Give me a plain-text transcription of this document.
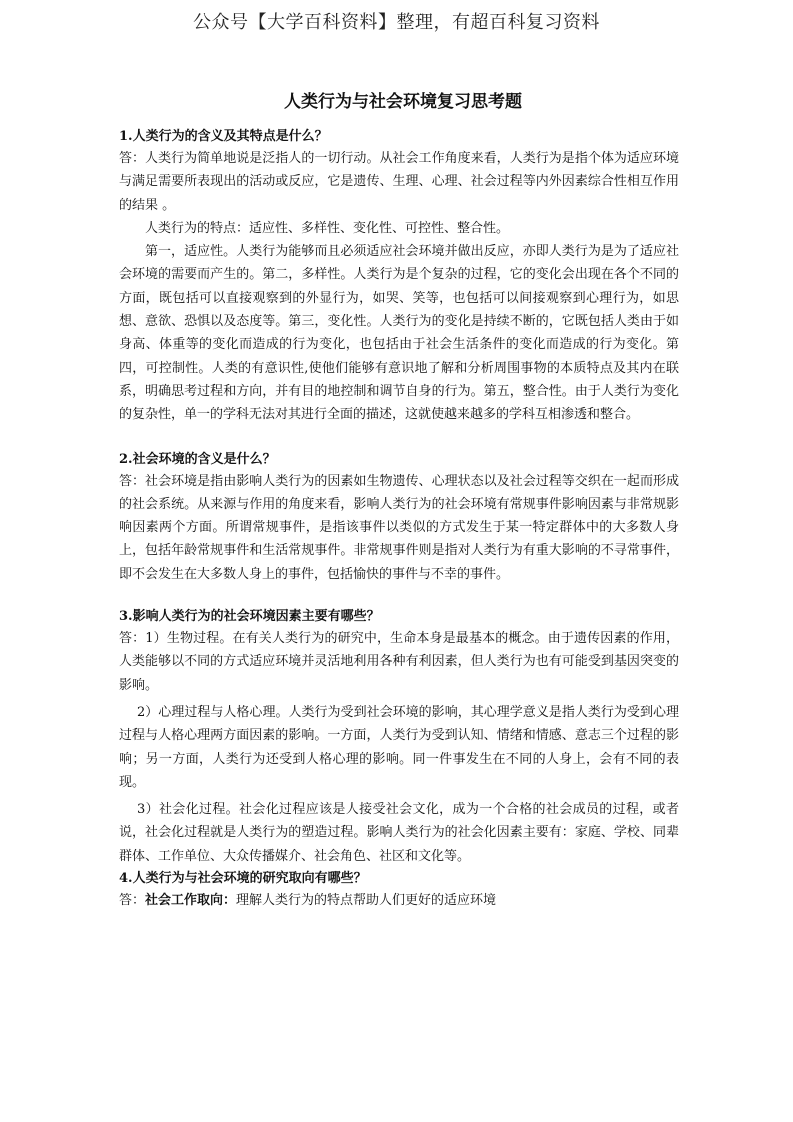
公众号【大学百科资料】整理，有超百科复习资料
人类行为与社会环境复习思考题

1.人类行为的含义及其特点是什么？

答：人类行为简单地说是泛指人的一切行动。从社会工作角度来看，人类行为是指个体为适应环境与满足需要所表现出的活动或反应，它是遗传、生理、心理、社会过程等内外因素综合性相互作用的结果 。

人类行为的特点：适应性、多样性、变化性、可控性、整合性。

第一，适应性。人类行为能够而且必须适应社会环境并做出反应，亦即人类行为是为了适应社会环境的需要而产生的。第二，多样性。人类行为是个复杂的过程，它的变化会出现在各个不同的方面，既包括可以直接观察到的外显行为，如哭、笑等，也包括可以间接观察到心理行为，如思想、意欲、恐惧以及态度等。第三，变化性。人类行为的变化是持续不断的，它既包括人类由于如身高、体重等的变化而造成的行为变化，也包括由于社会生活条件的变化而造成的行为变化。第四，可控制性。人类的有意识性,使他们能够有意识地了解和分析周围事物的本质特点及其内在联系，明确思考过程和方向，并有目的地控制和调节自身的行为。第五，整合性。由于人类行为变化的复杂性，单一的学科无法对其进行全面的描述，这就使越来越多的学科互相渗透和整合。

2.社会环境的含义是什么？

答：社会环境是指由影响人类行为的因素如生物遗传、心理状态以及社会过程等交织在一起而形成的社会系统。从来源与作用的角度来看，影响人类行为的社会环境有常规事件影响因素与非常规影响因素两个方面。所谓常规事件，是指该事件以类似的方式发生于某一特定群体中的大多数人身上，包括年龄常规事件和生活常规事件。非常规事件则是指对人类行为有重大影响的不寻常事件，即不会发生在大多数人身上的事件，包括愉快的事件与不幸的事件。

3.影响人类行为的社会环境因素主要有哪些？

答：1）生物过程。在有关人类行为的研究中，生命本身是最基本的概念。由于遗传因素的作用，人类能够以不同的方式适应环境并灵活地利用各种有利因素，但人类行为也有可能受到基因突变的影响。

2）心理过程与人格心理。人类行为受到社会环境的影响，其心理学意义是指人类行为受到心理过程与人格心理两方面因素的影响。一方面，人类行为受到认知、情绪和情感、意志三个过程的影响；另一方面，人类行为还受到人格心理的影响。同一件事发生在不同的人身上，会有不同的表现。

3）社会化过程。社会化过程应该是人接受社会文化，成为一个合格的社会成员的过程，或者说，社会化过程就是人类行为的塑造过程。影响人类行为的社会化因素主要有：家庭、学校、同辈群体、工作单位、大众传播媒介、社会角色、社区和文化等。

4.人类行为与社会环境的研究取向有哪些？

答：社会工作取向：理解人类行为的特点帮助人们更好的适应环境
